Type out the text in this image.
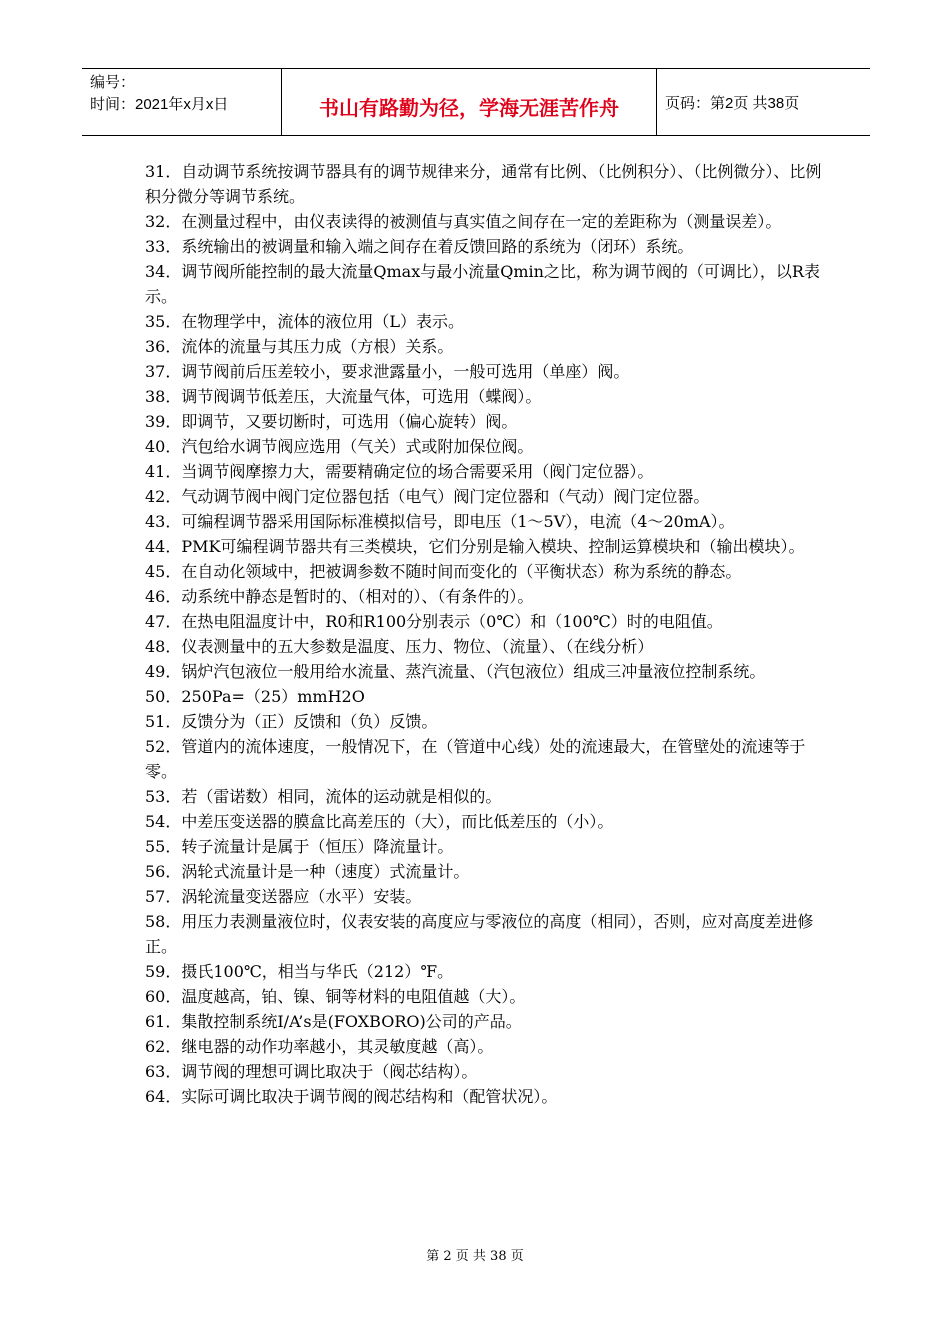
编号：
时间：2021年x月x日	书山有路勤为径，学海无涯苦作舟	页码：第2页 共38页

31．自动调节系统按调节器具有的调节规律来分，通常有比例、（比例积分）、（比例微分）、比例积分微分等调节系统。

32．在测量过程中，由仪表读得的被测值与真实值之间存在一定的差距称为（测量误差）。

33．系统输出的被调量和输入端之间存在着反馈回路的系统为（闭环）系统。

34．调节阀所能控制的最大流量Qmax与最小流量Qmin之比，称为调节阀的（可调比），以R表示。

35．在物理学中，流体的液位用（L）表示。

36．流体的流量与其压力成（方根）关系。

37．调节阀前后压差较小，要求泄露量小，一般可选用（单座）阀。

38．调节阀调节低差压，大流量气体，可选用（蝶阀）。

39．即调节，又要切断时，可选用（偏心旋转）阀。

40．汽包给水调节阀应选用（气关）式或附加保位阀。

41．当调节阀摩擦力大，需要精确定位的场合需要采用（阀门定位器）。

42．气动调节阀中阀门定位器包括（电气）阀门定位器和（气动）阀门定位器。

43．可编程调节器采用国际标准模拟信号，即电压（1～5V），电流（4～20mA）。

44．PMK可编程调节器共有三类模块，它们分别是输入模块、控制运算模块和（输出模块）。

45．在自动化领域中，把被调参数不随时间而变化的（平衡状态）称为系统的静态。

46．动系统中静态是暂时的、（相对的）、（有条件的）。

47．在热电阻温度计中，R0和R100分别表示（0℃）和（100℃）时的电阻值。

48．仪表测量中的五大参数是温度、压力、物位、（流量）、（在线分析）

49．锅炉汽包液位一般用给水流量、蒸汽流量、（汽包液位）组成三冲量液位控制系统。

50．250Pa=（25）mmH2O

51．反馈分为（正）反馈和（负）反馈。

52．管道内的流体速度，一般情况下，在（管道中心线）处的流速最大，在管壁处的流速等于零。

53．若（雷诺数）相同，流体的运动就是相似的。

54．中差压变送器的膜盒比高差压的（大），而比低差压的（小）。

55．转子流量计是属于（恒压）降流量计。

56．涡轮式流量计是一种（速度）式流量计。

57．涡轮流量变送器应（水平）安装。

58．用压力表测量液位时，仪表安装的高度应与零液位的高度（相同），否则，应对高度差进修正。

59．摄氏100℃，相当与华氏（212）℉。

60．温度越高，铂、镍、铜等材料的电阻值越（大）。

61．集散控制系统I/A’s是(FOXBORO)公司的产品。

62．继电器的动作功率越小，其灵敏度越（高）。

63．调节阀的理想可调比取决于（阀芯结构）。

64．实际可调比取决于调节阀的阀芯结构和（配管状况）。

第 2 页 共 38 页
